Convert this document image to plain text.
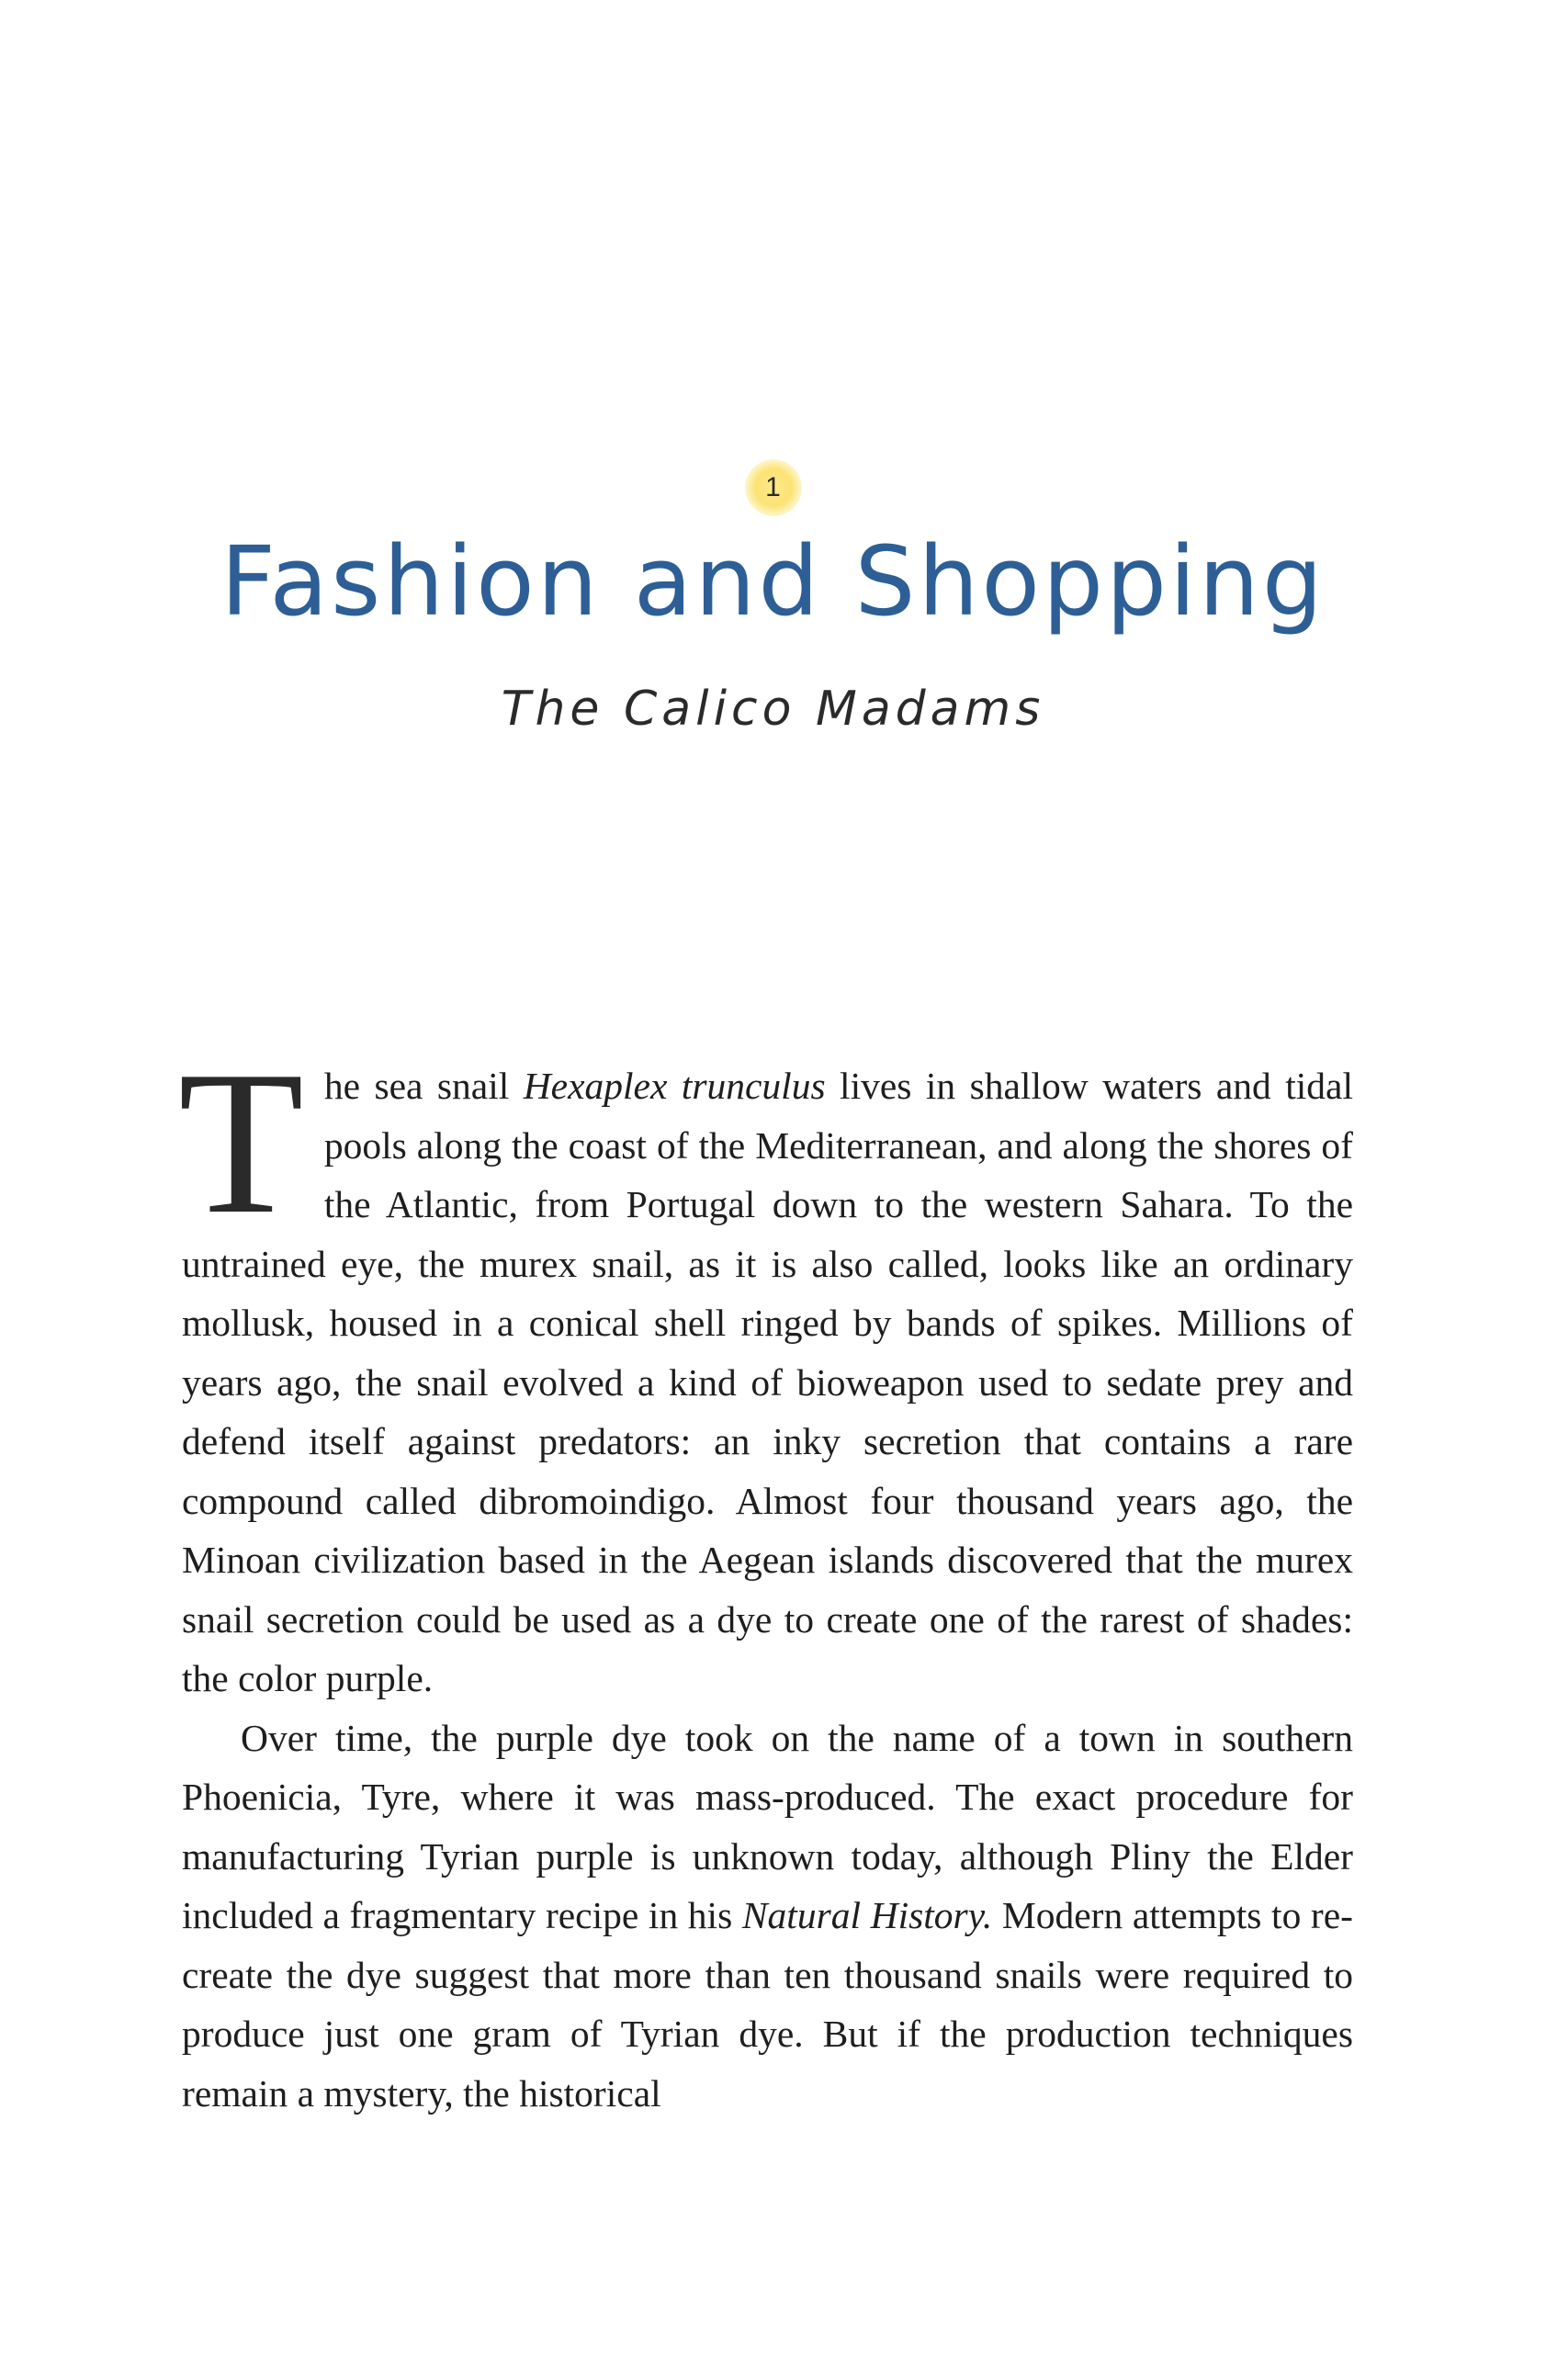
1
Fashion and Shopping
The Calico Madams

The sea snail Hexaplex trunculus lives in shallow waters and tidal pools along the coast of the Mediterranean, and along the shores of the Atlantic, from Portugal down to the western Sahara. To the untrained eye, the murex snail, as it is also called, looks like an ordinary mollusk, housed in a conical shell ringed by bands of spikes. Millions of years ago, the snail evolved a kind of bioweapon used to sedate prey and defend itself against predators: an inky secretion that contains a rare compound called dibromoindigo. Almost four thousand years ago, the Minoan civilization based in the Aegean islands discovered that the murex snail secretion could be used as a dye to create one of the rarest of shades: the color purple.

Over time, the purple dye took on the name of a town in southern Phoenicia, Tyre, where it was mass-produced. The exact procedure for manufacturing Tyrian purple is unknown today, although Pliny the Elder included a fragmentary recipe in his Natural History. Modern attempts to re-create the dye suggest that more than ten thousand snails were required to produce just one gram of Tyrian dye. But if the production techniques remain a mystery, the historical
